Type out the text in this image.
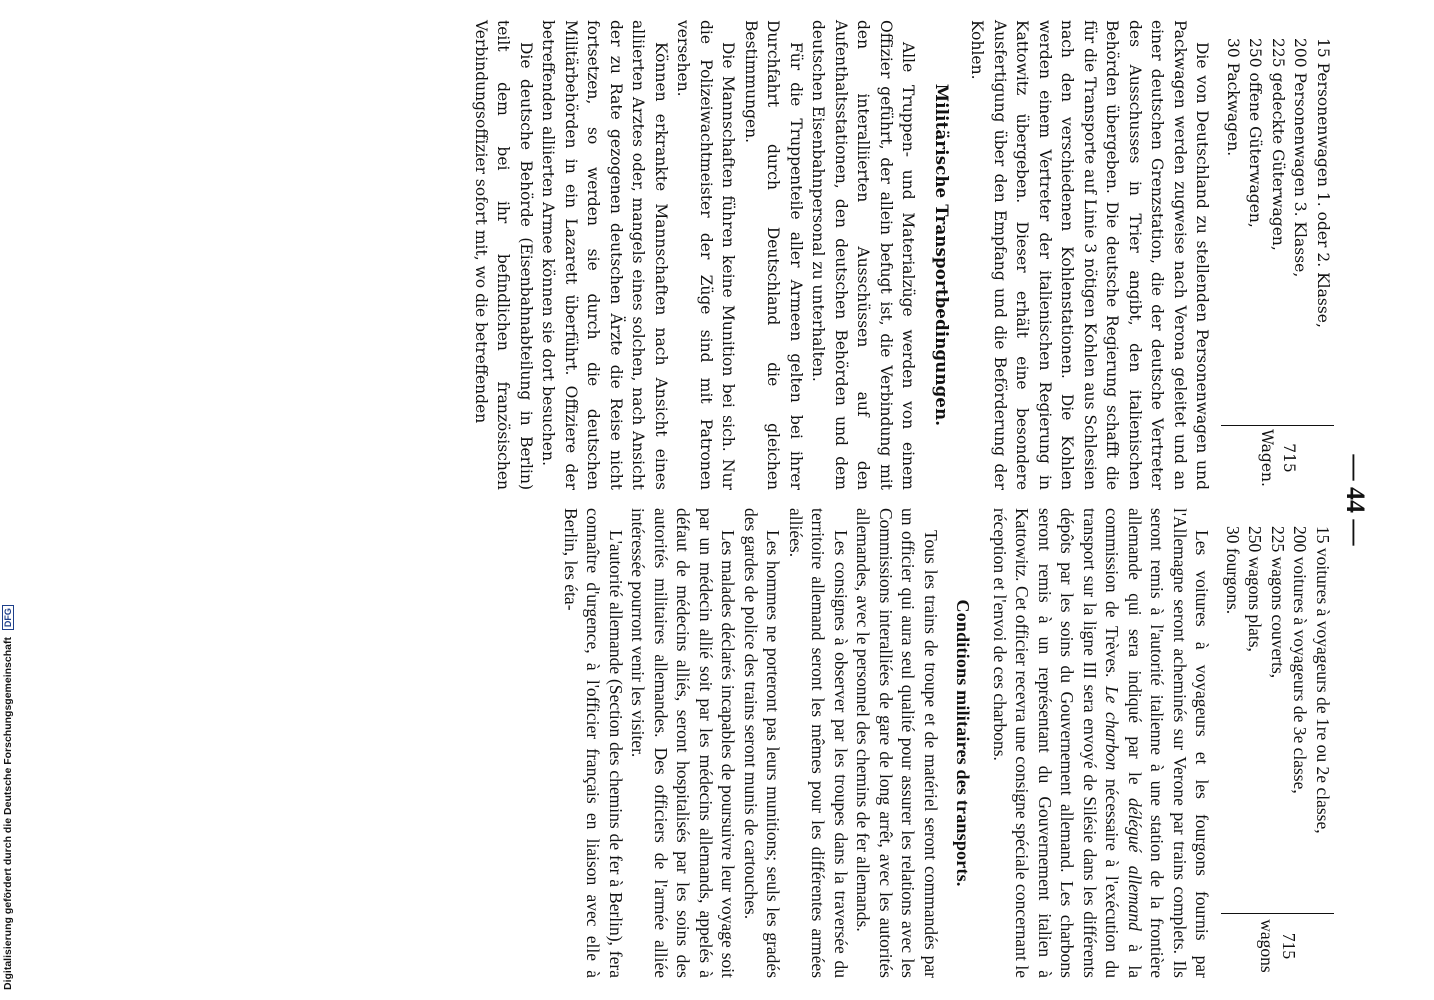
— 44 —
15 voitures à voyageurs de 1re ou 2e classe,
200 voitures à voyageurs de 3e classe,
225 wagons couverts,
250 wagons plats,
30 fourgons.
715
wagons

Les voitures à voyageurs et les fourgons fournis par l'Allemagne seront acheminés sur Verone par trains complets. Ils seront remis à l'autorité italienne à une station de la frontière allemande qui sera indiqué par le délégué allemand à la commission de Trèves. Le charbon nécessaire à l'exécution du transport sur la ligne III sera envoyé de Silésie dans les différents dépôts par les soins du Gouvernement allemand. Les charbons seront remis à un représentant du Gouvernement italien à Kattowitz. Cet officier recevra une consigne spéciale concernant le réception et l'envoi de ces charbons.

Conditions militaires des transports.

Tous les trains de troupe et de matériel seront commandés par un officier qui aura seul qualité pour assurer les relations avec les Commissions interalliées de gare de long arrêt, avec les autorités allemandes, avec le personnel des chemins de fer allemands.

Les consignes à observer par les troupes dans la traversée du territoire allemand seront les mêmes pour les différentes armées alliées.

Les hommes ne porteront pas leurs munitions; seuls les gradés des gardes de police des trains seront munis de cartouches.

Les malades déclarés incapables de poursuivre leur voyage soit par un médecin allié soit par les médecins allemands, appelés à défaut de médecins alliés, seront hospitalisés par les soins des autorités militaires allemandes. Des officiers de l'armée alliée intéressée pourront venir les visiter.

L'autorité allemande (Section des chemins de fer à Berlin), fera connaître d'urgence, à l'officier français en liaison avec elle à Berlin, les éta-

15 Personenwagen 1. oder 2. Klasse,
200 Personenwagen 3. Klasse,
225 gedeckte Güterwagen,
250 offene Güterwagen,
30 Packwagen.
715
Wagen.

Die von Deutschland zu stellenden Personenwagen und Packwagen werden zugweise nach Verona geleitet und an einer deutschen Grenzstation, die der deutsche Vertreter des Ausschusses in Trier angibt, den italienischen Behörden übergeben. Die deutsche Regierung schafft die für die Transporte auf Linie 3 nötigen Kohlen aus Schlesien nach den verschiedenen Kohlenstationen. Die Kohlen werden einem Vertreter der italienischen Regierung in Kattowitz übergeben. Dieser erhält eine besondere Ausfertigung über den Empfang und die Beförderung der Kohlen.

Militärische Transportbedingungen.

Alle Truppen- und Materialzüge werden von einem Offizier geführt, der allein befugt ist, die Verbindung mit den interalliierten Ausschüssen auf den Aufenthaltsstationen, den deutschen Behörden und dem deutschen Eisenbahnpersonal zu unterhalten.

Für die Truppenteile aller Armeen gelten bei ihrer Durchfahrt durch Deutschland die gleichen Bestimmungen.

Die Mannschaften führen keine Munition bei sich. Nur die Polizeiwachtmeister der Züge sind mit Patronen versehen.

Können erkrankte Mannschaften nach Ansicht eines alliierten Arztes oder, mangels eines solchen, nach Ansicht der zu Rate gezogenen deutschen Ärzte die Reise nicht fortsetzen, so werden sie durch die deutschen Militärbehörden in ein Lazarett überführt. Offiziere der betreffenden alliierten Armee können sie dort besuchen.

Die deutsche Behörde (Eisenbahnabteilung in Berlin) teilt dem bei ihr befindlichen französischen Verbindungsoffizier sofort mit, wo die betreffenden

Digitalisierung gefördert durch die Deutsche Forschungsgemeinschaft DFG
